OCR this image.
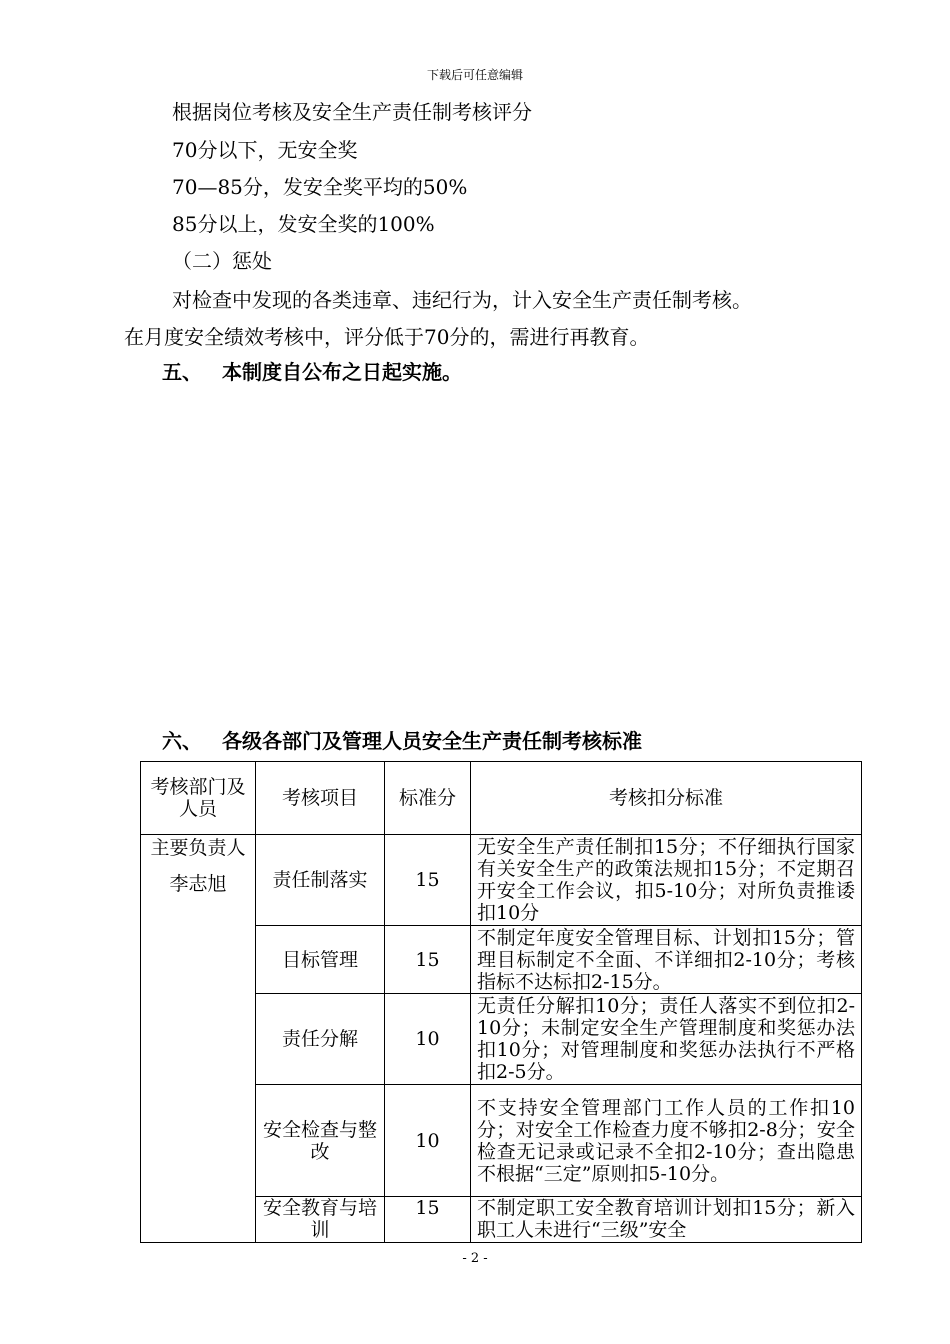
下载后可任意编辑
根据岗位考核及安全生产责任制考核评分
70分以下，无安全奖
70—85分，发安全奖平均的50%
85分以上，发安全奖的100%
（二）惩处
对检查中发现的各类违章、违纪行为，计入安全生产责任制考核。
在月度安全绩效考核中，评分低于70分的，需进行再教育。
五、 本制度自公布之日起实施。
六、 各级各部门及管理人员安全生产责任制考核标准
考核部门及人员	考核项目	标准分	考核扣分标准

主要负责人
李志旭	责任制落实	15	无安全生产责任制扣15分；不仔细执行国家有关安全生产的政策法规扣15分；不定期召开安全工作会议，扣5-10分；对所负责推诿扣10分
	目标管理	15	不制定年度安全管理目标、计划扣15分；管理目标制定不全面、不详细扣2-10分；考核指标不达标扣2-15分。
	责任分解	10	无责任分解扣10分；责任人落实不到位扣2-10分；未制定安全生产管理制度和奖惩办法扣10分；对管理制度和奖惩办法执行不严格扣2-5分。
	安全检查与整改	10	不支持安全管理部门工作人员的工作扣10分；对安全工作检查力度不够扣2-8分；安全检查无记录或记录不全扣2-10分；查出隐患不根据“三定”原则扣5-10分。
	安全教育与培训	15	不制定职工安全教育培训计划扣15分；新入职工人未进行“三级”安全
- 2 -
